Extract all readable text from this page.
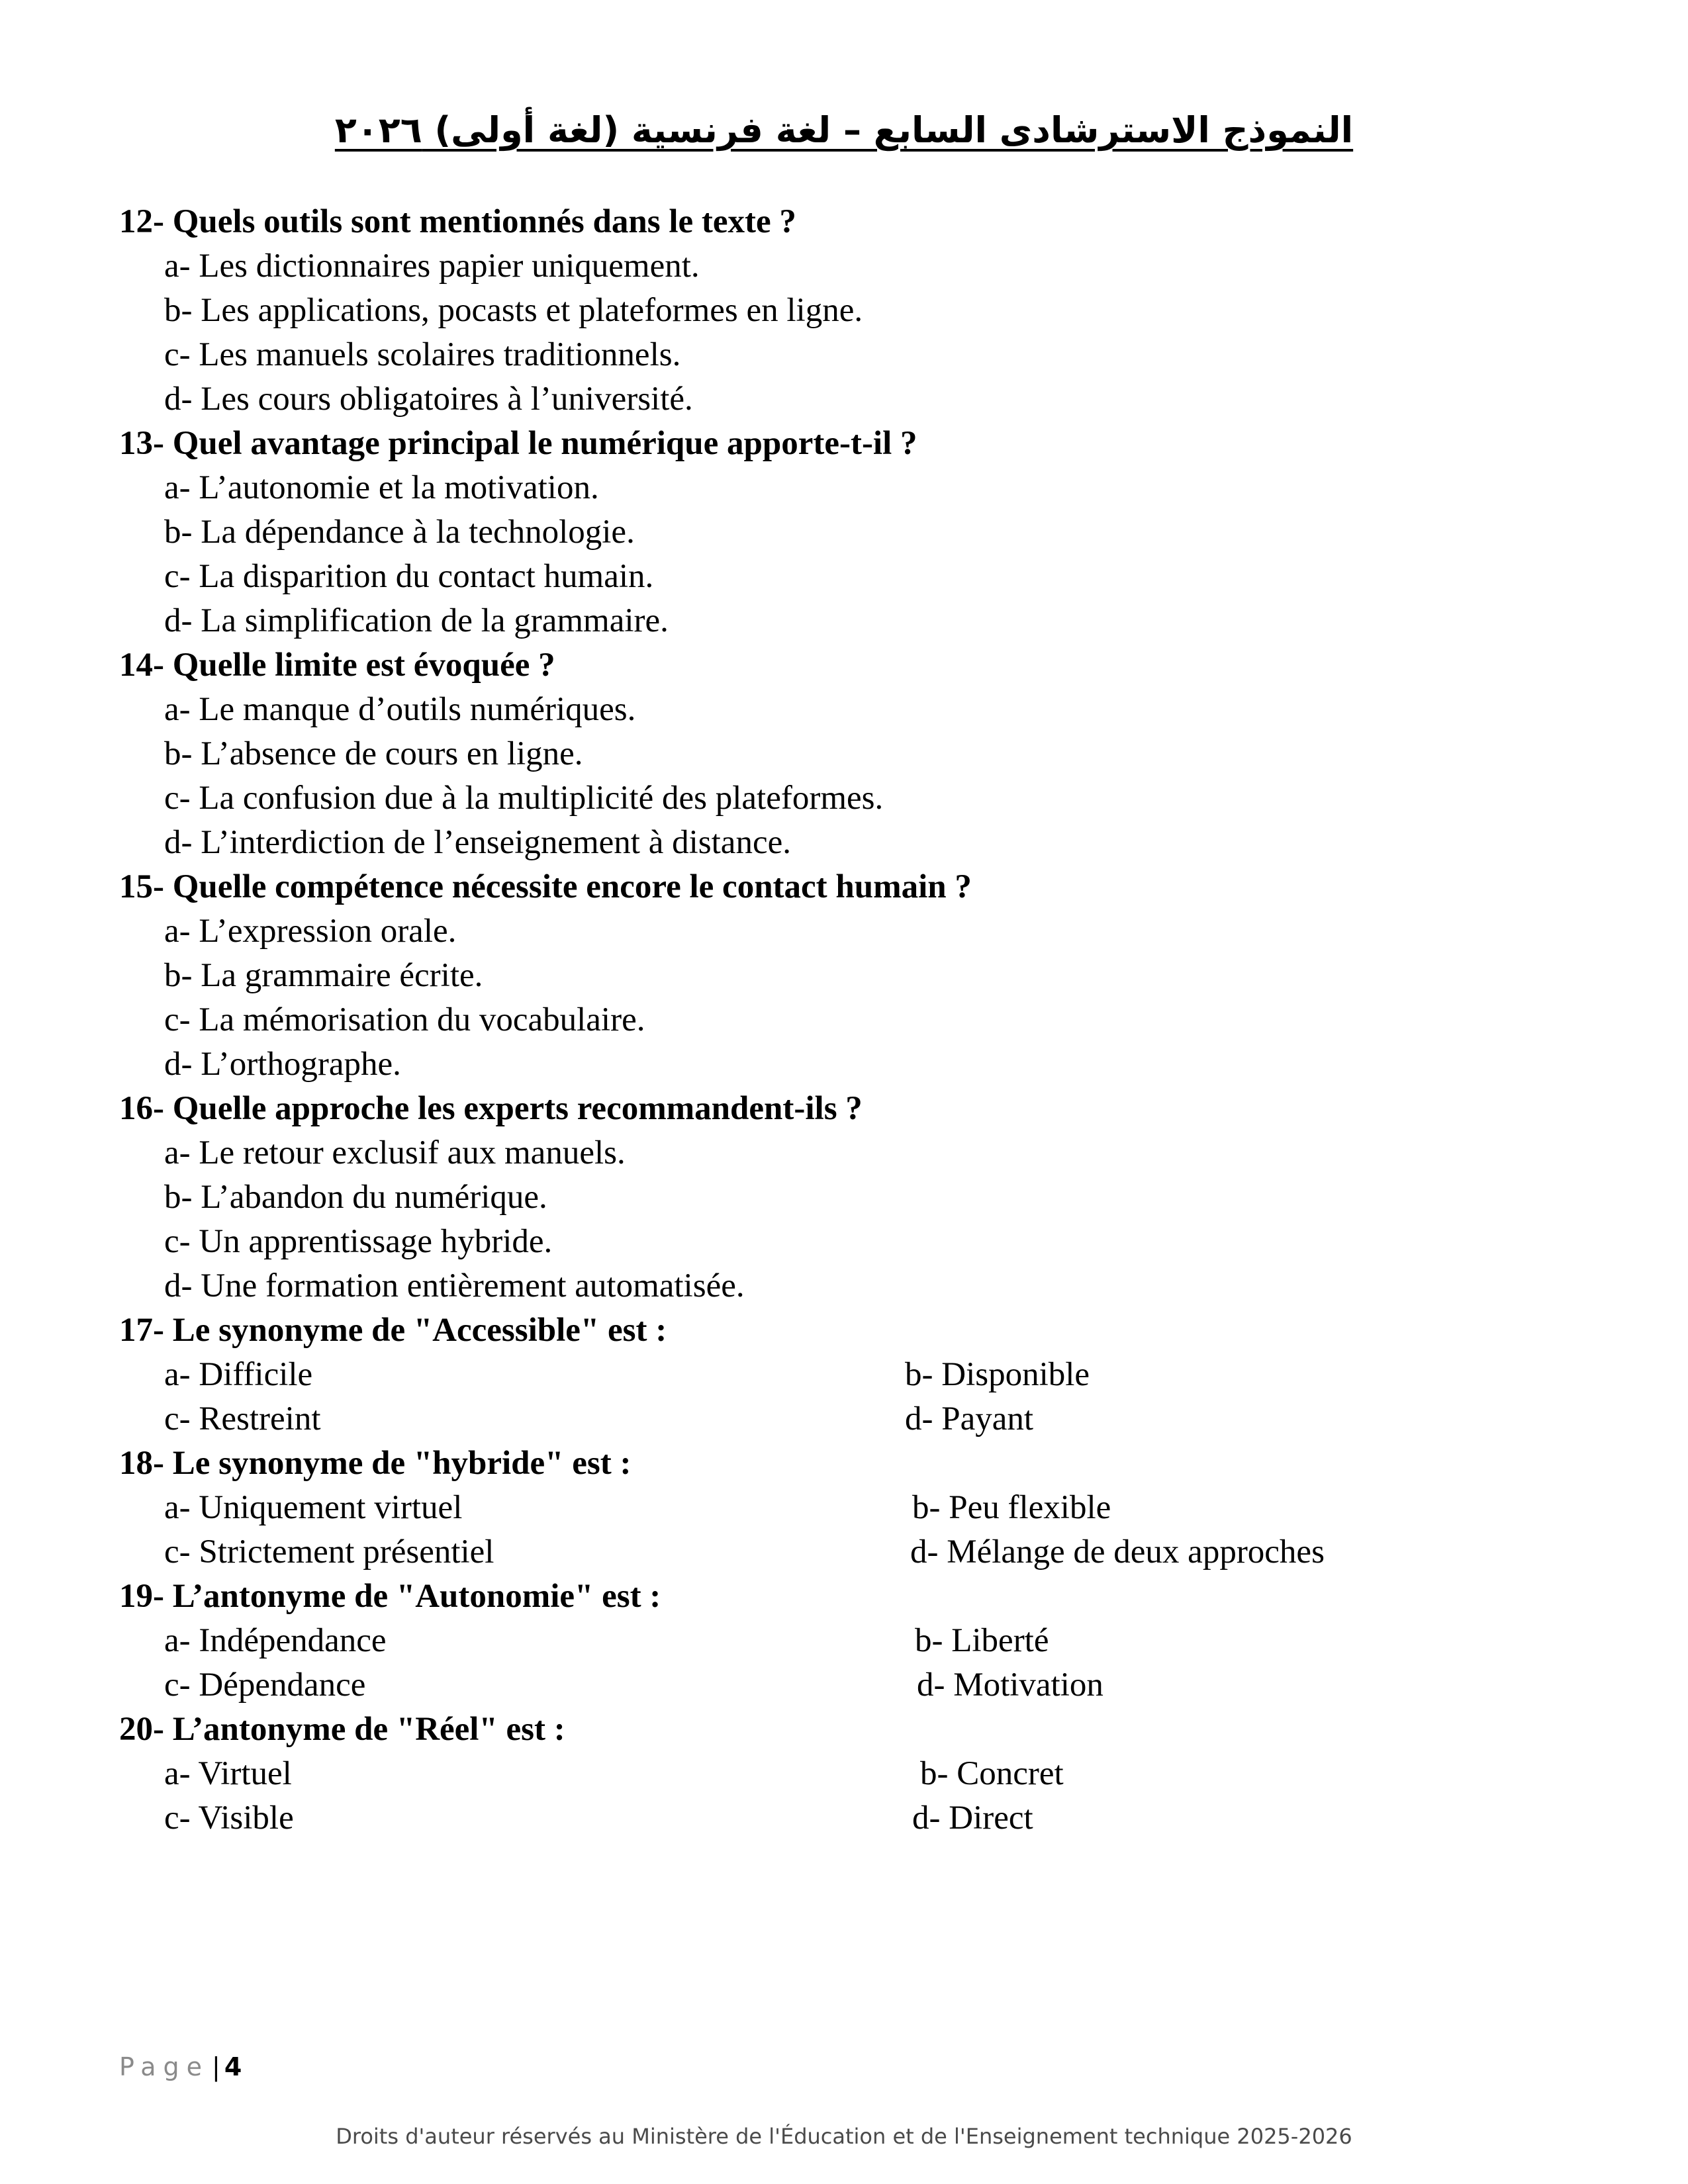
النموذج الاسترشادى السابع – لغة فرنسية (لغة أولى) ٢٠٢٦
12- Quels outils sont mentionnés dans le texte ?
a- Les dictionnaires papier uniquement.
b- Les applications, pocasts et plateformes en ligne.
c- Les manuels scolaires traditionnels.
d- Les cours obligatoires à l’université.
13- Quel avantage principal le numérique apporte-t-il ?
a- L’autonomie et la motivation.
b- La dépendance à la technologie.
c- La disparition du contact humain.
d- La simplification de la grammaire.
14- Quelle limite est évoquée ?
a- Le manque d’outils numériques.
b- L’absence de cours en ligne.
c- La confusion due à la multiplicité des plateformes.
d- L’interdiction de l’enseignement à distance.
15- Quelle compétence nécessite encore le contact humain ?
a- L’expression orale.
b- La grammaire écrite.
c- La mémorisation du vocabulaire.
d- L’orthographe.
16- Quelle approche les experts recommandent-ils ?
a- Le retour exclusif aux manuels.
b- L’abandon du numérique.
c- Un apprentissage hybride.
d- Une formation entièrement automatisée.
17- Le synonyme de "Accessible" est :
a- Difficile	b- Disponible
c- Restreint	d- Payant
18- Le synonyme de "hybride" est :
a- Uniquement virtuel	b- Peu flexible
c- Strictement présentiel	d- Mélange de deux approches
19- L’antonyme de "Autonomie" est :
a- Indépendance	b- Liberté
c- Dépendance	d- Motivation
20- L’antonyme de "Réel" est :
a- Virtuel	b- Concret
c- Visible	d- Direct
Page | 4
Droits d'auteur réservés au Ministère de l'Éducation et de l'Enseignement technique 2025-2026
